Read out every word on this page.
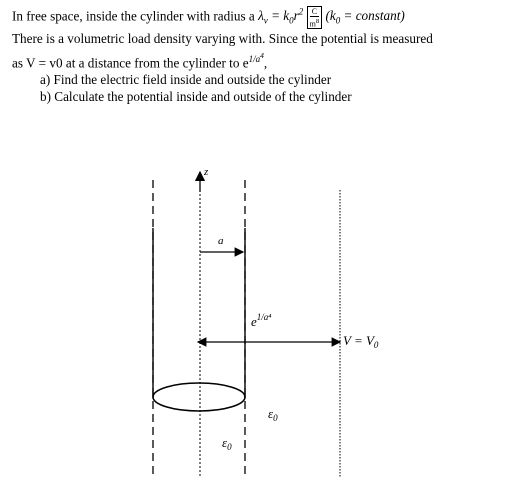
In free space, inside the cylinder with radius a $\lambda_v = k_0r^2 \frac{C}{m^8} (k_0$ = constant)
There is a volumetric load density varying with. Since the potential is measured
as V = v0 at a distance from the cylinder to $e^{1/a^4}$,
a) Find the electric field inside and outside the cylinder
b) Calculate the potential inside and outside of the cylinder
z
a
$e^{1/a^4}$
$V = V_0$
$\varepsilon_0$
$\varepsilon_0$
